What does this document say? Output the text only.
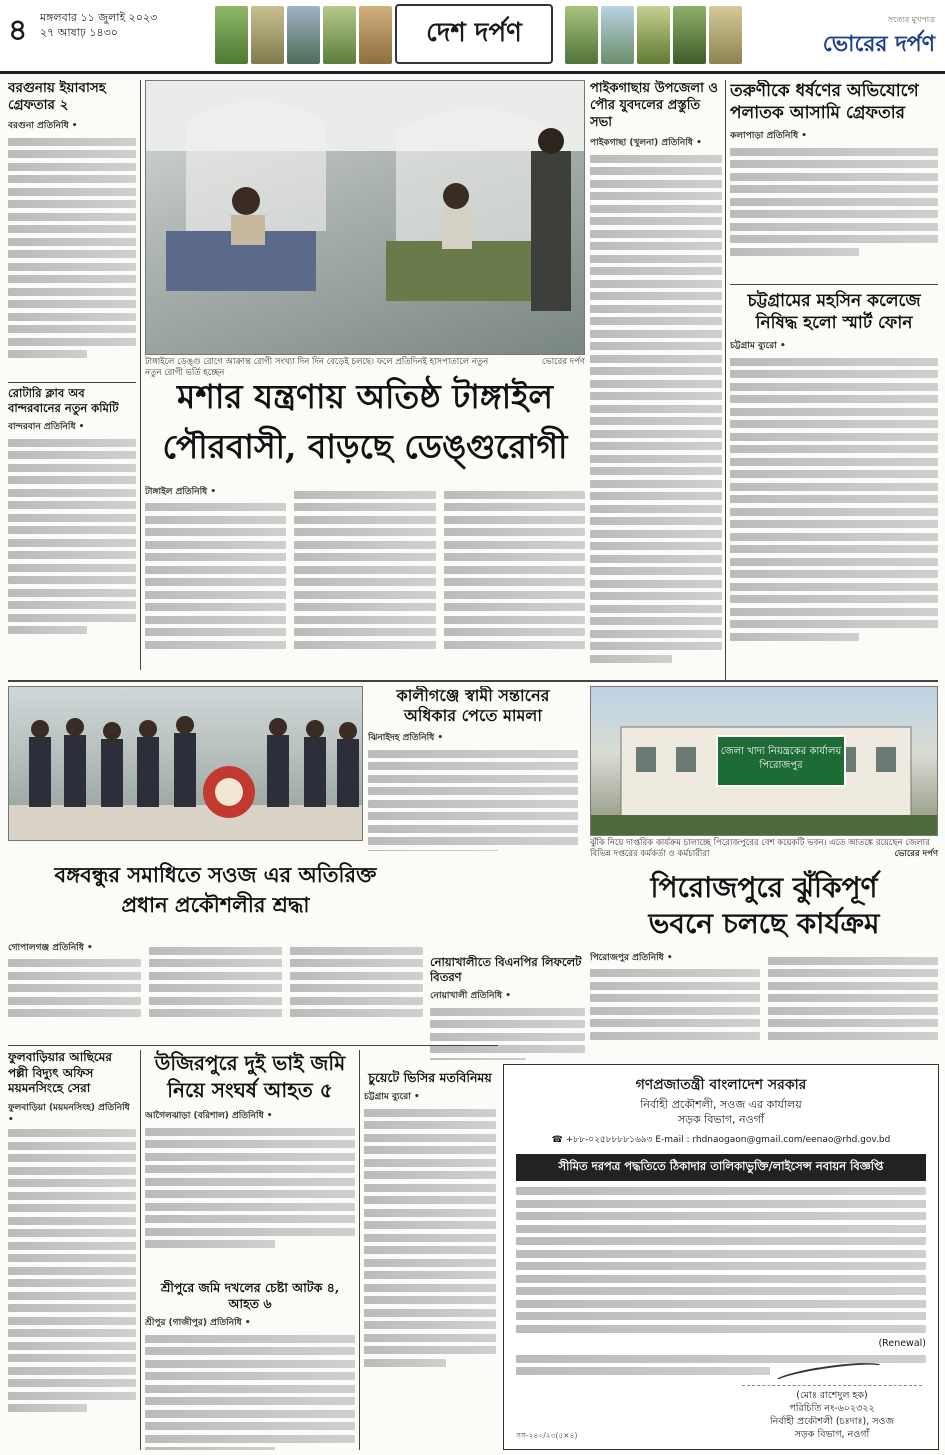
৪ মঙ্গলবার ১১ জুলাই ২০২৩
২৭ আষাঢ় ১৪৩০	দেশ দর্পণ	সত্যের মুখপাত্র
ভোরের দর্পণ
বরগুনায় ইয়াবাসহ গ্রেফতার ২
বরগুনা প্রতিনিধি •
রোটারি ক্লাব অব বান্দরবানের নতুন কমিটি
বান্দরবান প্রতিনিধি •
টাঙ্গাইলে ডেঙ্গু রোগে আক্রান্ত রোগী সংখ্যা দিন দিন বেড়েই চলছে। ফলে প্রতিদিনই হাসপাতালে নতুন নতুন রোগী ভর্তি হচ্ছেন
ভোরের দর্পণ
পাইকগাছায় উপজেলা ও পৌর যুবদলের প্রস্তুতি সভা
পাইকগাছা (খুলনা) প্রতিনিধি •
তরুণীকে ধর্ষণের অভিযোগে পলাতক আসামি গ্রেফতার
কলাপাড়া প্রতিনিধি •
চট্টগ্রামের মহসিন কলেজে নিষিদ্ধ হলো স্মার্ট ফোন
চট্টগ্রাম ব্যুরো •
মশার যন্ত্রণায় অতিষ্ঠ টাঙ্গাইল
পৌরবাসী, বাড়ছে ডেঙ্গুরোগী
টাঙ্গাইল প্রতিনিধি •
কালীগঞ্জে স্বামী সন্তানের অধিকার পেতে মামলা
ঝিনাইদহ প্রতিনিধি •
জেলা খাদ্য নিয়ন্ত্রকের কার্যালয়
পিরোজপুর
ঝুঁকি নিয়ে দাপ্তরিক কার্যক্রম চালাচ্ছে পিরোজপুরের বেশ কয়েকটি ভবন। এতে আতঙ্কে রয়েছেন জেলার বিভিন্ন দপ্তরের কর্মকর্তা ও কর্মচারীরা	ভোরের দর্পণ
পিরোজপুরে ঝুঁকিপূর্ণ
ভবনে চলছে কার্যক্রম
পিরোজপুর প্রতিনিধি •
বঙ্গবন্ধুর সমাধিতে সওজ এর অতিরিক্ত
প্রধান প্রকৌশলীর শ্রদ্ধা
গোপালগঞ্জ প্রতিনিধি •
নোয়াখালীতে বিএনপির লিফলেট বিতরণ
নোয়াখালী প্রতিনিধি •
ফুলবাড়িয়ার আছিমের পল্লী বিদ্যুৎ অফিস ময়মনসিংহে সেরা
ফুলবাড়িয়া (ময়মনসিংহ) প্রতিনিধি •
উজিরপুরে দুই ভাই জমি
নিয়ে সংঘর্ষ আহত ৫
আগৈলঝাড়া (বরিশাল) প্রতিনিধি •
শ্রীপুরে জমি দখলের চেষ্টা আটক ৪, আহত ৬
শ্রীপুর (গাজীপুর) প্রতিনিধি •
চুয়েটে ভিসির মতবিনিময়
চট্টগ্রাম ব্যুরো •
গণপ্রজাতন্ত্রী বাংলাদেশ সরকার
নির্বাহী প্রকৌশলী, সওজ এর কার্যালয়
সড়ক বিভাগ, নওগাঁ
☎ +৮৮-০২৫৮৮৮৮১৬৯৩ E-mail : rhdnaogaon@gmail.com/eenao@rhd.gov.bd
সীমিত দরপত্র পদ্ধতিতে ঠিকাদার তালিকাভুক্তি/লাইসেন্স নবায়ন বিজ্ঞপ্তি
(Renewal)
(মোঃ রাশেদুল হক)
পরিচিতি নং-৬০২৩২২
নির্বাহী প্রকৌশলী (চঃদাঃ), সওজ
সড়ক বিভাগ, নওগাঁ
সস-২৪০/২৩(৫×৪)
